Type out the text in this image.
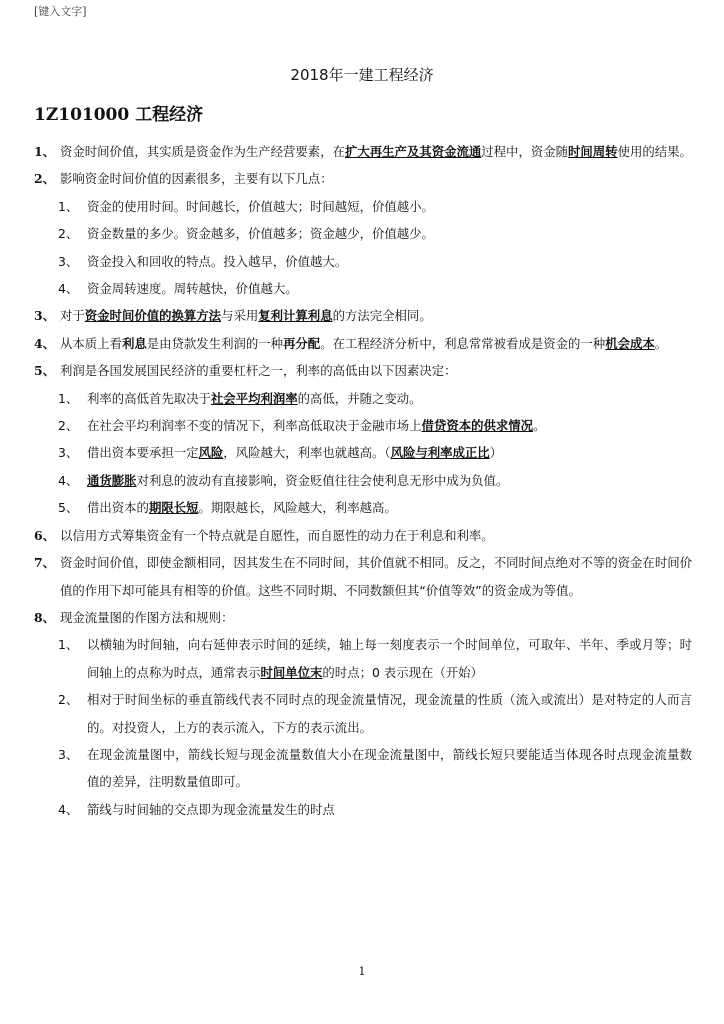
[键入文字]
2018年一建工程经济
1Z101000 工程经济
1、 资金时间价值，其实质是资金作为生产经营要素，在扩大再生产及其资金流通过程中，资金随时间周转使用的结果。
2、 影响资金时间价值的因素很多，主要有以下几点：
1、 资金的使用时间。时间越长，价值越大；时间越短，价值越小。
2、 资金数量的多少。资金越多，价值越多；资金越少，价值越少。
3、 资金投入和回收的特点。投入越早，价值越大。
4、 资金周转速度。周转越快，价值越大。
3、 对于资金时间价值的换算方法与采用复利计算利息的方法完全相同。
4、 从本质上看利息是由贷款发生利润的一种再分配。在工程经济分析中，利息常常被看成是资金的一种机会成本。
5、 利润是各国发展国民经济的重要杠杆之一，利率的高低由以下因素决定：
1、 利率的高低首先取决于社会平均利润率的高低，并随之变动。
2、 在社会平均利润率不变的情况下，利率高低取决于金融市场上借贷资本的供求情况。
3、 借出资本要承担一定风险，风险越大，利率也就越高。（风险与利率成正比）
4、 通货膨胀对利息的波动有直接影响，资金贬值往往会使利息无形中成为负值。
5、 借出资本的期限长短。期限越长，风险越大，利率越高。
6、 以信用方式筹集资金有一个特点就是自愿性，而自愿性的动力在于利息和利率。
7、 资金时间价值，即使金额相同，因其发生在不同时间，其价值就不相同。反之，不同时间点绝对不等的资金在时间价值的作用下却可能具有相等的价值。这些不同时期、不同数额但其“价值等效”的资金成为等值。
8、 现金流量图的作图方法和规则：
1、 以横轴为时间轴，向右延伸表示时间的延续，轴上每一刻度表示一个时间单位，可取年、半年、季或月等；时间轴上的点称为时点，通常表示时间单位末的时点；0 表示现在（开始）
2、 相对于时间坐标的垂直箭线代表不同时点的现金流量情况，现金流量的性质（流入或流出）是对特定的人而言的。对投资人，上方的表示流入，下方的表示流出。
3、 在现金流量图中，箭线长短与现金流量数值大小在现金流量图中，箭线长短只要能适当体现各时点现金流量数值的差异，注明数量值即可。
4、 箭线与时间轴的交点即为现金流量发生的时点
1
